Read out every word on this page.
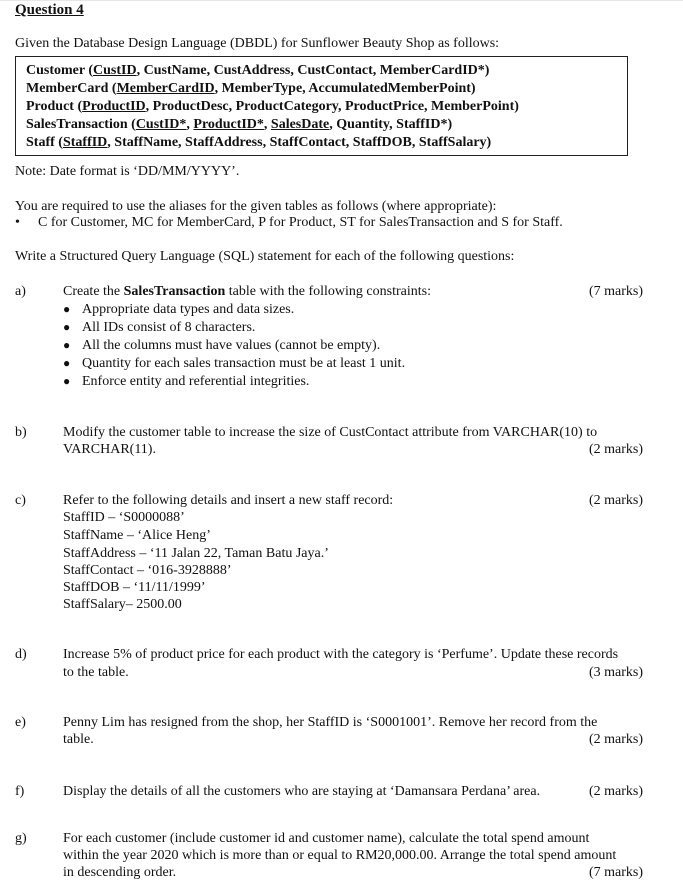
Question 4
Given the Database Design Language (DBDL) for Sunflower Beauty Shop as follows:
Customer (CustID, CustName, CustAddress, CustContact, MemberCardID*)
MemberCard (MemberCardID, MemberType, AccumulatedMemberPoint)
Product (ProductID, ProductDesc, ProductCategory, ProductPrice, MemberPoint)
SalesTransaction (CustID*, ProductID*, SalesDate, Quantity, StaffID*)
Staff (StaffID, StaffName, StaffAddress, StaffContact, StaffDOB, StaffSalary)
Note: Date format is ‘DD/MM/YYYY’.
You are required to use the aliases for the given tables as follows (where appropriate):
• C for Customer, MC for MemberCard, P for Product, ST for SalesTransaction and S for Staff.
Write a Structured Query Language (SQL) statement for each of the following questions:
a)	Create the SalesTransaction table with the following constraints:	(7 marks)
● Appropriate data types and data sizes.
● All IDs consist of 8 characters.
● All the columns must have values (cannot be empty).
● Quantity for each sales transaction must be at least 1 unit.
● Enforce entity and referential integrities.
b)	Modify the customer table to increase the size of CustContact attribute from VARCHAR(10) to
VARCHAR(11).	(2 marks)
c)	Refer to the following details and insert a new staff record:	(2 marks)
StaffID – ‘S0000088’
StaffName – ‘Alice Heng’
StaffAddress – ‘11 Jalan 22, Taman Batu Jaya.’
StaffContact – ‘016-3928888’
StaffDOB – ‘11/11/1999’
StaffSalary– 2500.00
d)	Increase 5% of product price for each product with the category is ‘Perfume’. Update these records
to the table.	(3 marks)
e)	Penny Lim has resigned from the shop, her StaffID is ‘S0001001’. Remove her record from the
table.	(2 marks)
f)	Display the details of all the customers who are staying at ‘Damansara Perdana’ area.	(2 marks)
g)	For each customer (include customer id and customer name), calculate the total spend amount
within the year 2020 which is more than or equal to RM20,000.00. Arrange the total spend amount
in descending order.	(7 marks)
